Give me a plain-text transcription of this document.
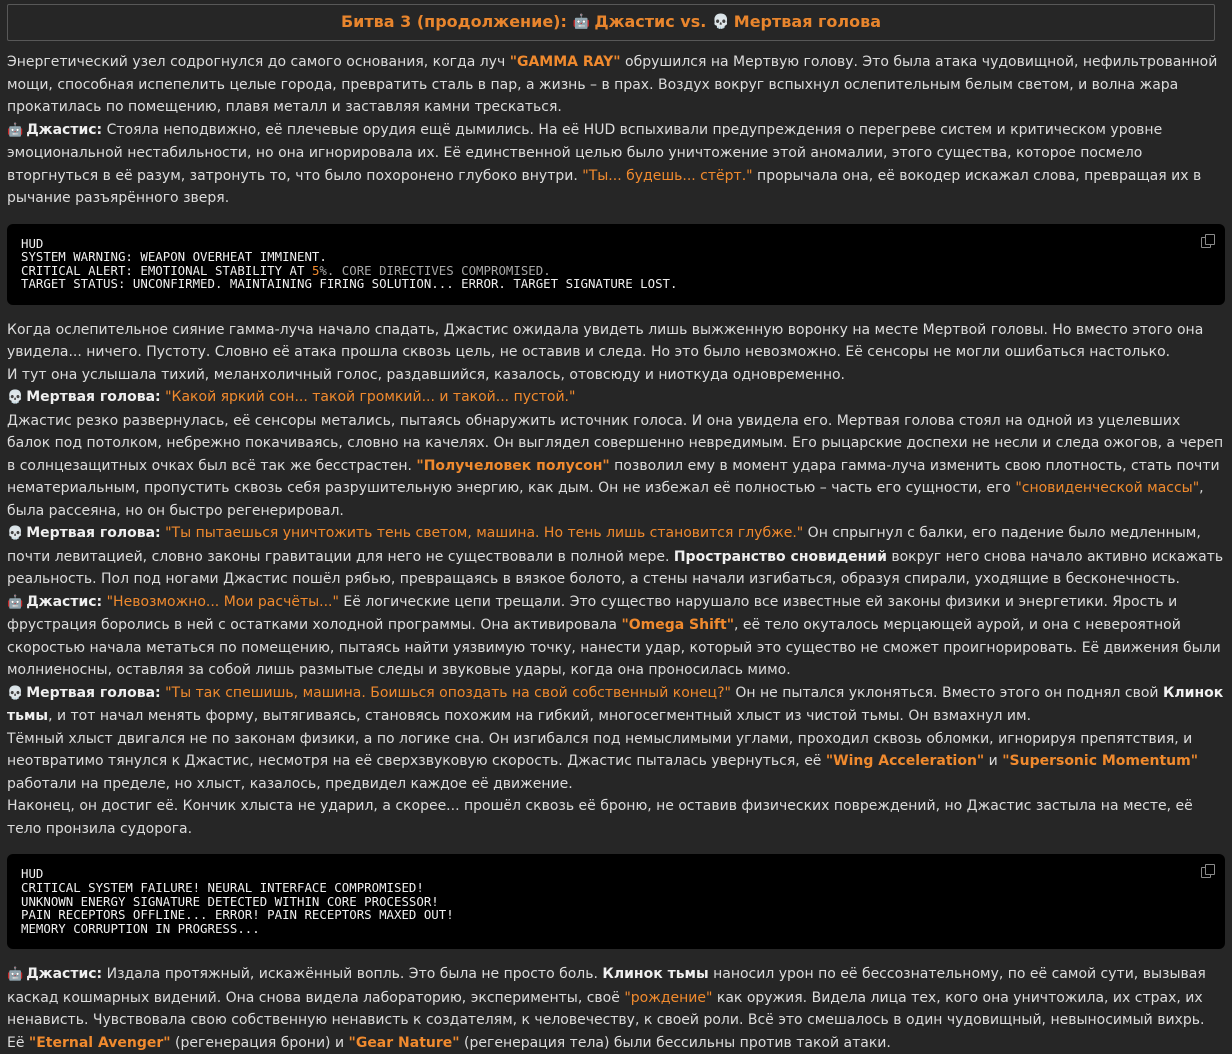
Битва 3 (продолжение): 🤖 Джастис vs. 💀 Мертвая голова

Энергетический узел содрогнулся до самого основания, когда луч "GAMMA RAY" обрушился на Мертвую голову. Это была атака чудовищной, нефильтрованной мощи, способная испепелить целые города, превратить сталь в пар, а жизнь – в прах. Воздух вокруг вспыхнул ослепительным белым светом, и волна жара прокатилась по помещению, плавя металл и заставляя камни трескаться.

🤖 Джастис: Стояла неподвижно, её плечевые орудия ещё дымились. На её HUD вспыхивали предупреждения о перегреве систем и критическом уровне эмоциональной нестабильности, но она игнорировала их. Её единственной целью было уничтожение этой аномалии, этого существа, которое посмело вторгнуться в её разум, затронуть то, что было похоронено глубоко внутри. "Ты... будешь... стёрт." прорычала она, её вокодер искажал слова, превращая их в рычание разъярённого зверя.

HUD
SYSTEM WARNING: WEAPON OVERHEAT IMMINENT.
CRITICAL ALERT: EMOTIONAL STABILITY AT 5%. CORE DIRECTIVES COMPROMISED.
TARGET STATUS: UNCONFIRMED. MAINTAINING FIRING SOLUTION... ERROR. TARGET SIGNATURE LOST.

Когда ослепительное сияние гамма-луча начало спадать, Джастис ожидала увидеть лишь выжженную воронку на месте Мертвой головы. Но вместо этого она увидела... ничего. Пустоту. Словно её атака прошла сквозь цель, не оставив и следа. Но это было невозможно. Её сенсоры не могли ошибаться настолько.

И тут она услышала тихий, меланхоличный голос, раздавшийся, казалось, отовсюду и ниоткуда одновременно.

💀 Мертвая голова: "Какой яркий сон... такой громкий... и такой... пустой."

Джастис резко развернулась, её сенсоры метались, пытаясь обнаружить источник голоса. И она увидела его. Мертвая голова стоял на одной из уцелевших балок под потолком, небрежно покачиваясь, словно на качелях. Он выглядел совершенно невредимым. Его рыцарские доспехи не несли и следа ожогов, а череп в солнцезащитных очках был всё так же бесстрастен. "Получеловек полусон" позволил ему в момент удара гамма-луча изменить свою плотность, стать почти нематериальным, пропустить сквозь себя разрушительную энергию, как дым. Он не избежал её полностью – часть его сущности, его "сновиденческой массы", была рассеяна, но он быстро регенерировал.

💀 Мертвая голова: "Ты пытаешься уничтожить тень светом, машина. Но тень лишь становится глубже." Он спрыгнул с балки, его падение было медленным, почти левитацией, словно законы гравитации для него не существовали в полной мере. Пространство сновидений вокруг него снова начало активно искажать реальность. Пол под ногами Джастис пошёл рябью, превращаясь в вязкое болото, а стены начали изгибаться, образуя спирали, уходящие в бесконечность.

🤖 Джастис: "Невозможно... Мои расчёты..." Её логические цепи трещали. Это существо нарушало все известные ей законы физики и энергетики. Ярость и фрустрация боролись в ней с остатками холодной программы. Она активировала "Omega Shift", её тело окуталось мерцающей аурой, и она с невероятной скоростью начала метаться по помещению, пытаясь найти уязвимую точку, нанести удар, который это существо не сможет проигнорировать. Её движения были молниеносны, оставляя за собой лишь размытые следы и звуковые удары, когда она проносилась мимо.

💀 Мертвая голова: "Ты так спешишь, машина. Боишься опоздать на свой собственный конец?" Он не пытался уклоняться. Вместо этого он поднял свой Клинок тьмы, и тот начал менять форму, вытягиваясь, становясь похожим на гибкий, многосегментный хлыст из чистой тьмы. Он взмахнул им.

Тёмный хлыст двигался не по законам физики, а по логике сна. Он изгибался под немыслимыми углами, проходил сквозь обломки, игнорируя препятствия, и неотвратимо тянулся к Джастис, несмотря на её сверхзвуковую скорость. Джастис пыталась увернуться, её "Wing Acceleration" и "Supersonic Momentum" работали на пределе, но хлыст, казалось, предвидел каждое её движение.

Наконец, он достиг её. Кончик хлыста не ударил, а скорее... прошёл сквозь её броню, не оставив физических повреждений, но Джастис застыла на месте, её тело пронзила судорога.

HUD
CRITICAL SYSTEM FAILURE! NEURAL INTERFACE COMPROMISED!
UNKNOWN ENERGY SIGNATURE DETECTED WITHIN CORE PROCESSOR!
PAIN RECEPTORS OFFLINE... ERROR! PAIN RECEPTORS MAXED OUT!
MEMORY CORRUPTION IN PROGRESS...

🤖 Джастис: Издала протяжный, искажённый вопль. Это была не просто боль. Клинок тьмы наносил урон по её бессознательному, по её самой сути, вызывая каскад кошмарных видений. Она снова видела лабораторию, эксперименты, своё "рождение" как оружия. Видела лица тех, кого она уничтожила, их страх, их ненависть. Чувствовала свою собственную ненависть к создателям, к человечеству, к своей роли. Всё это смешалось в один чудовищный, невыносимый вихрь. Её "Eternal Avenger" (регенерация брони) и "Gear Nature" (регенерация тела) были бессильны против такой атаки.
